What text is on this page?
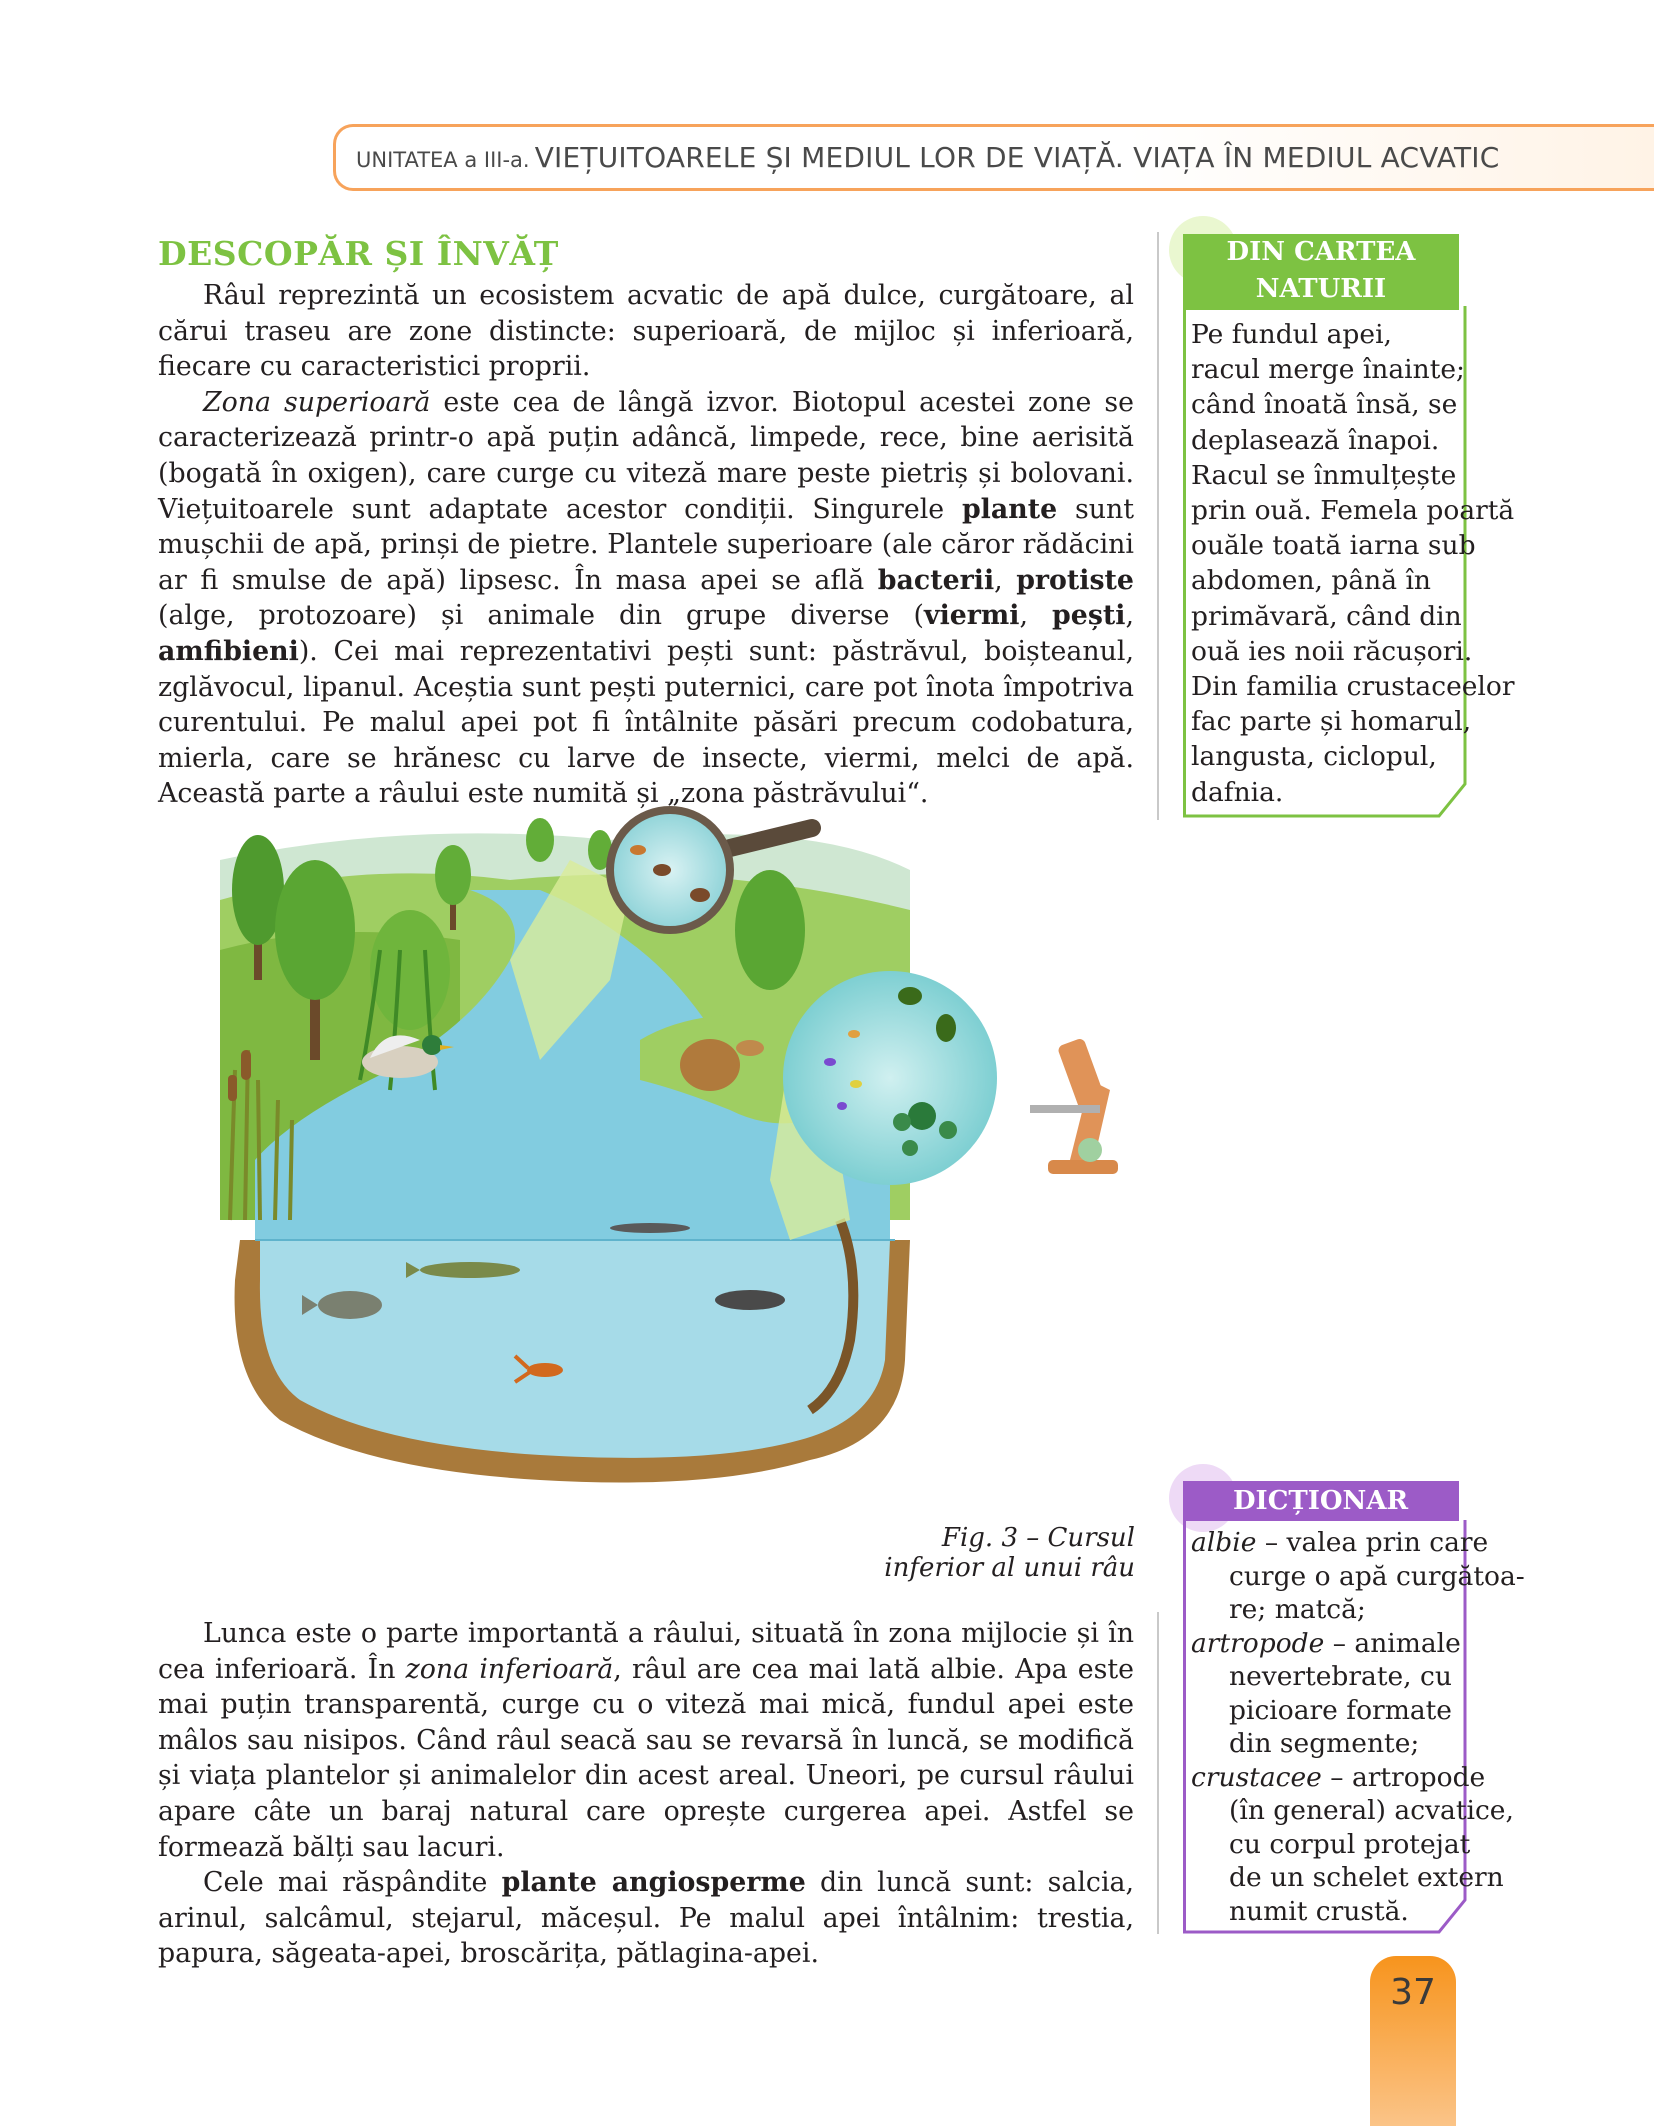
UNITATEA a III-a. VIEȚUITOARELE ȘI MEDIUL LOR DE VIAȚĂ. VIAȚA ÎN MEDIUL ACVATIC
DESCOPĂR ȘI ÎNVĂȚ

Râul reprezintă un ecosistem acvatic de apă dulce, curgătoare, al cărui traseu are zone distincte: superioară, de mijloc și inferioară, fiecare cu caracteristici proprii.

Zona superioară este cea de lângă izvor. Biotopul acestei zone se caracterizează printr-o apă puțin adâncă, limpede, rece, bine aerisită (bogată în oxigen), care curge cu viteză mare peste pietriș și bolovani. Viețuitoarele sunt adaptate acestor condiții. Singurele plante sunt mușchii de apă, prinși de pietre. Plantele superioare (ale căror rădăcini ar fi smulse de apă) lipsesc. În masa apei se află bacterii, protiste (alge, protozoare) și animale din grupe diverse (viermi, pești, amfibieni). Cei mai reprezentativi pești sunt: păstrăvul, boișteanul, zglăvocul, lipanul. Aceștia sunt pești puternici, care pot înota împotriva curentului. Pe malul apei pot fi întâlnite păsări precum codobatura, mierla, care se hrănesc cu larve de insecte, viermi, melci de apă. Această parte a râului este numită și „zona păstrăvului“.

DIN CARTEA
NATURII
Pe fundul apei,
racul merge înainte;
când înoată însă, se
deplasează înapoi.
Racul se înmulțește
prin ouă. Femela poartă
ouăle toată iarna sub
abdomen, până în
primăvară, când din
ouă ies noii răcușori.
Din familia crustaceelor
fac parte și homarul,
langusta, ciclopul,
dafnia.
Fig. 3 – Cursul
inferior al unui râu
DICȚIONAR
albie – valea prin care
curge o apă curgătoa-
re; matcă;
artropode – animale
nevertebrate, cu
picioare formate
din segmente;
crustacee – artropode
(în general) acvatice,
cu corpul protejat
de un schelet extern
numit crustă.

Lunca este o parte importantă a râului, situată în zona mijlocie și în cea inferioară. În zona inferioară, râul are cea mai lată albie. Apa este mai puțin transparentă, curge cu o viteză mai mică, fundul apei este mâlos sau nisipos. Când râul seacă sau se revarsă în luncă, se modifică și viața plantelor și animalelor din acest areal. Uneori, pe cursul râului apare câte un baraj natural care oprește curgerea apei. Astfel se formează bălți sau lacuri.

Cele mai răspândite plante angiosperme din luncă sunt: salcia, arinul, salcâmul, stejarul, măceșul. Pe malul apei întâlnim: trestia, papura, săgeata-apei, broscărița, pătlagina-apei.

37
